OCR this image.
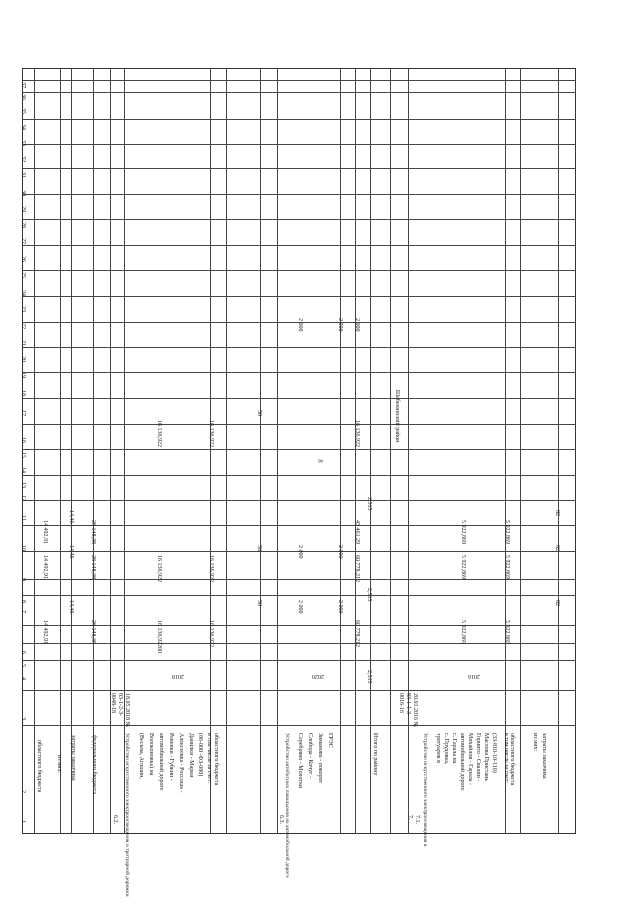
8
1
2
3
4
5
6
7
8
9
10
11
12
13
14
15
16
17
18
19
20
21
22
23
24
25
26
27
28
29
30
31
32
33
34
35
36
37
областного бюджета из них: затраты заказчика	федерального бюджета
6.2. Устройство искусственного электроосвещения и тротуарной дорожки (Весьма, Агошин, Волоконовка) на автомобильной дороге Ревенки - Губкин - Алексеевка - Россошь - Данилки - Марки (86-000 -ФЗ-080)
18.05.2018 № 83-1-2-3-0048-18
2018
в том числе за счет: областного бюджета
6.3. Устройство автобусных павильонов на автомобильной дороге Серебряно - Молотки Слобода - Кочуг - Зиманово - поворот ГРЭС
2020
Итого по району
Шебекинский район
7. 7.1. Устройство искусственного электроосвещения в тротуаров в с. Прудовка, с. Гарала на автомобильной дороге Михайлов - Гарала - Горнито - Свалин - Маслова Пристань (33-810-10-110)
20.01.2016 № 83-1-1-3-0016-16
2016
в том числе за счет: областного бюджета	из них: затраты заказчика
14 492,91
14 492,91
14 492,91
14,46
14,46
14,46
28 148,38
28 148,38
28 148,38
16 136,92200
16 136,922
16 136,922
16 136,922
16 136,922
16 136,922
50
50
50
2 000
2 000
2 000
2 000
2 000
2 000
2,515
60 778,212
2,515
60 778,212
45 461,29
2,515
16 136,922
2 000
5 922,869
5 922,869
5 922,869
5 922,869
5 922,869
5 922,869
82
82
82
